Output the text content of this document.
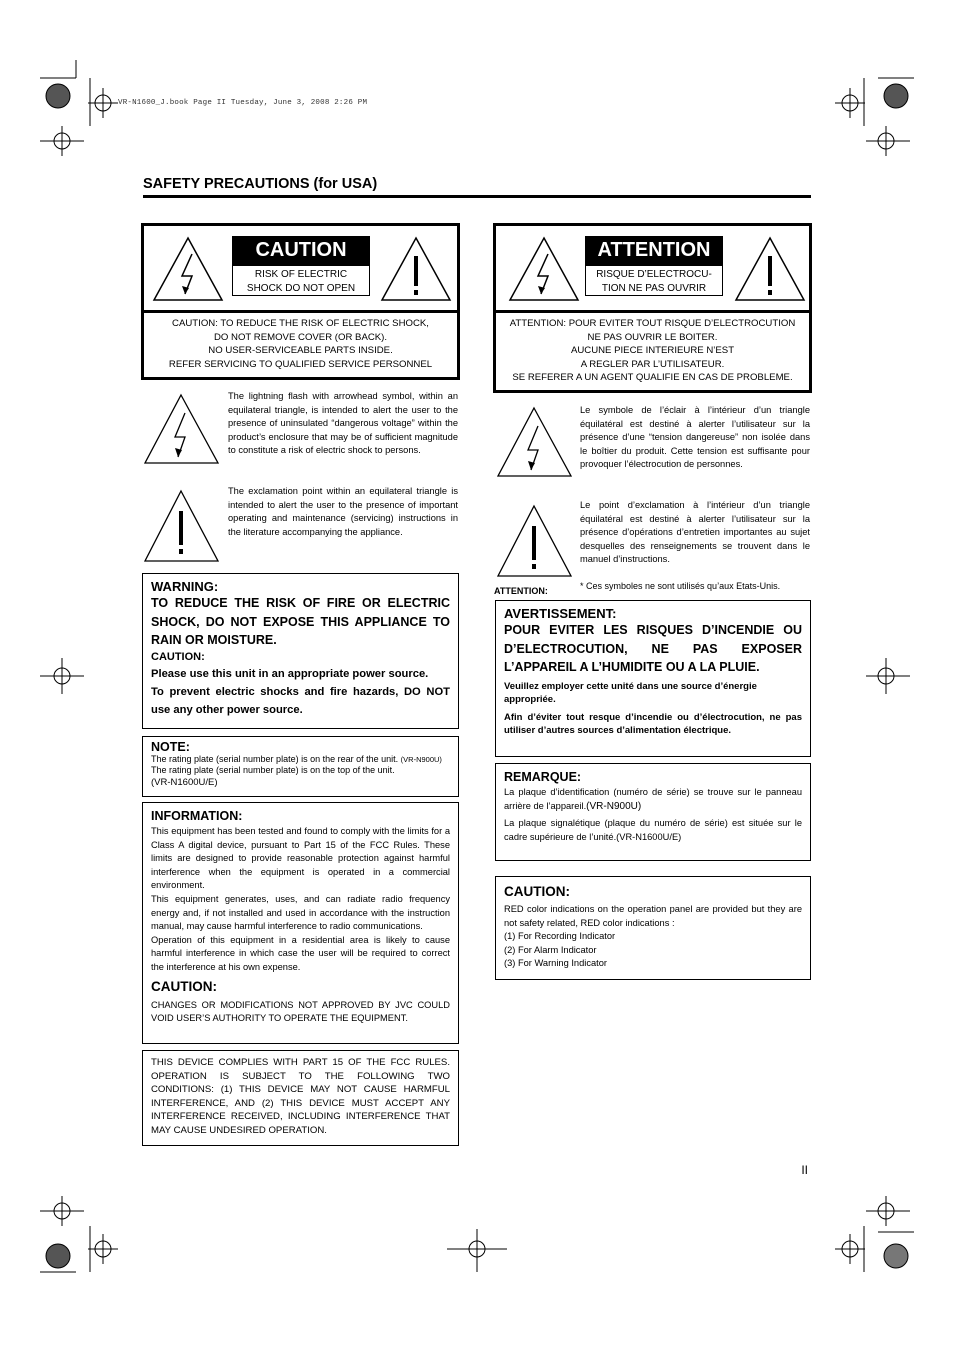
VR-N1600_J.book Page II Tuesday, June 3, 2008 2:26 PM
SAFETY PRECAUTIONS (for USA)
CAUTION
RISK OF ELECTRIC
SHOCK DO NOT OPEN

CAUTION: TO REDUCE THE RISK OF ELECTRIC SHOCK,

DO NOT REMOVE COVER (OR BACK).

NO USER-SERVICEABLE PARTS INSIDE.

REFER SERVICING TO QUALIFIED SERVICE PERSONNEL

The lightning flash with arrowhead symbol, within an equilateral triangle, is intended to alert the user to the presence of uninsulated “dangerous voltage” within the product’s enclosure that may be of sufficient magnitude to constitute a risk of electric shock to persons.

The exclamation point within an equilateral triangle is intended to alert the user to the presence of important operating and maintenance (servicing) instructions in the literature accompanying the appliance.

WARNING:

TO REDUCE THE RISK OF FIRE OR ELECTRIC SHOCK, DO NOT EXPOSE THIS APPLIANCE TO RAIN OR MOISTURE.

CAUTION:

Please use this unit in an appropriate power source.

To prevent electric shocks and fire hazards, DO NOT use any other power source.

NOTE:

The rating plate (serial number plate) is on the rear of the unit. (VR-N900U)

The rating plate (serial number plate) is on the top of the unit.

(VR-N1600U/E)

INFORMATION:

This equipment has been tested and found to comply with the limits for a Class A digital device, pursuant to Part 15 of the FCC Rules. These limits are designed to provide reasonable protection against harmful interference when the equipment is operated in a commercial environment.

This equipment generates, uses, and can radiate radio frequency energy and, if not installed and used in accordance with the instruction manual, may cause harmful interference to radio communications.

Operation of this equipment in a residential area is likely to cause harmful interference in which case the user will be required to correct the interference at his own expense.

CAUTION:

CHANGES OR MODIFICATIONS NOT APPROVED BY JVC COULD VOID USER’S AUTHORITY TO OPERATE THE EQUIPMENT.

THIS DEVICE COMPLIES WITH PART 15 OF THE FCC RULES. OPERATION IS SUBJECT TO THE FOLLOWING TWO CONDITIONS: (1) THIS DEVICE MAY NOT CAUSE HARMFUL INTERFERENCE, AND (2) THIS DEVICE MUST ACCEPT ANY INTERFERENCE RECEIVED, INCLUDING INTERFERENCE THAT MAY CAUSE UNDESIRED OPERATION.

ATTENTION
RISQUE D’ELECTROCU-
TION NE PAS OUVRIR

ATTENTION: POUR EVITER TOUT RISQUE D’ELECTROCUTION

NE PAS OUVRIR LE BOITER.

AUCUNE PIECE INTERIEURE N’EST

A REGLER PAR L’UTILISATEUR.

SE REFERER A UN AGENT QUALIFIE EN CAS DE PROBLEME.

Le symbole de l’éclair à l’intérieur d’un triangle équilatéral est destiné à alerter l’utilisateur sur la présence d’une “tension dangereuse” non isolée dans le boîtier du produit. Cette tension est suffisante pour provoquer l’électrocution de personnes.

Le point d’exclamation à l’intérieur d’un triangle équilatéral est destiné à alerter l’utilisateur sur la présence d’opérations d’entretien importantes au sujet desquelles des renseignements se trouvent dans le manuel d’instructions.

ATTENTION:	* Ces symboles ne sont utilisés qu’aux Etats-Unis.

AVERTISSEMENT:

POUR EVITER LES RISQUES D’INCENDIE OU D’ELECTROCUTION, NE PAS EXPOSER L’APPAREIL A L’HUMIDITE OU A LA PLUIE.

Veuillez employer cette unité dans une source d’énergie appropriée.

Afin d’éviter tout resque d’incendie ou d’électrocution, ne pas utiliser d’autres sources d’alimentation électrique.

REMARQUE:

La plaque d’identification (numéro de série) se trouve sur le panneau arrière de l’appareil.(VR-N900U)

La plaque signalétique (plaque du numéro de série) est située sur le cadre supérieure de l’unité.(VR-N1600U/E)

CAUTION:

RED color indications on the operation panel are provided but they are not safety related, RED color indications :

(1) For Recording Indicator

(2) For Alarm Indicator

(3) For Warning Indicator

II
